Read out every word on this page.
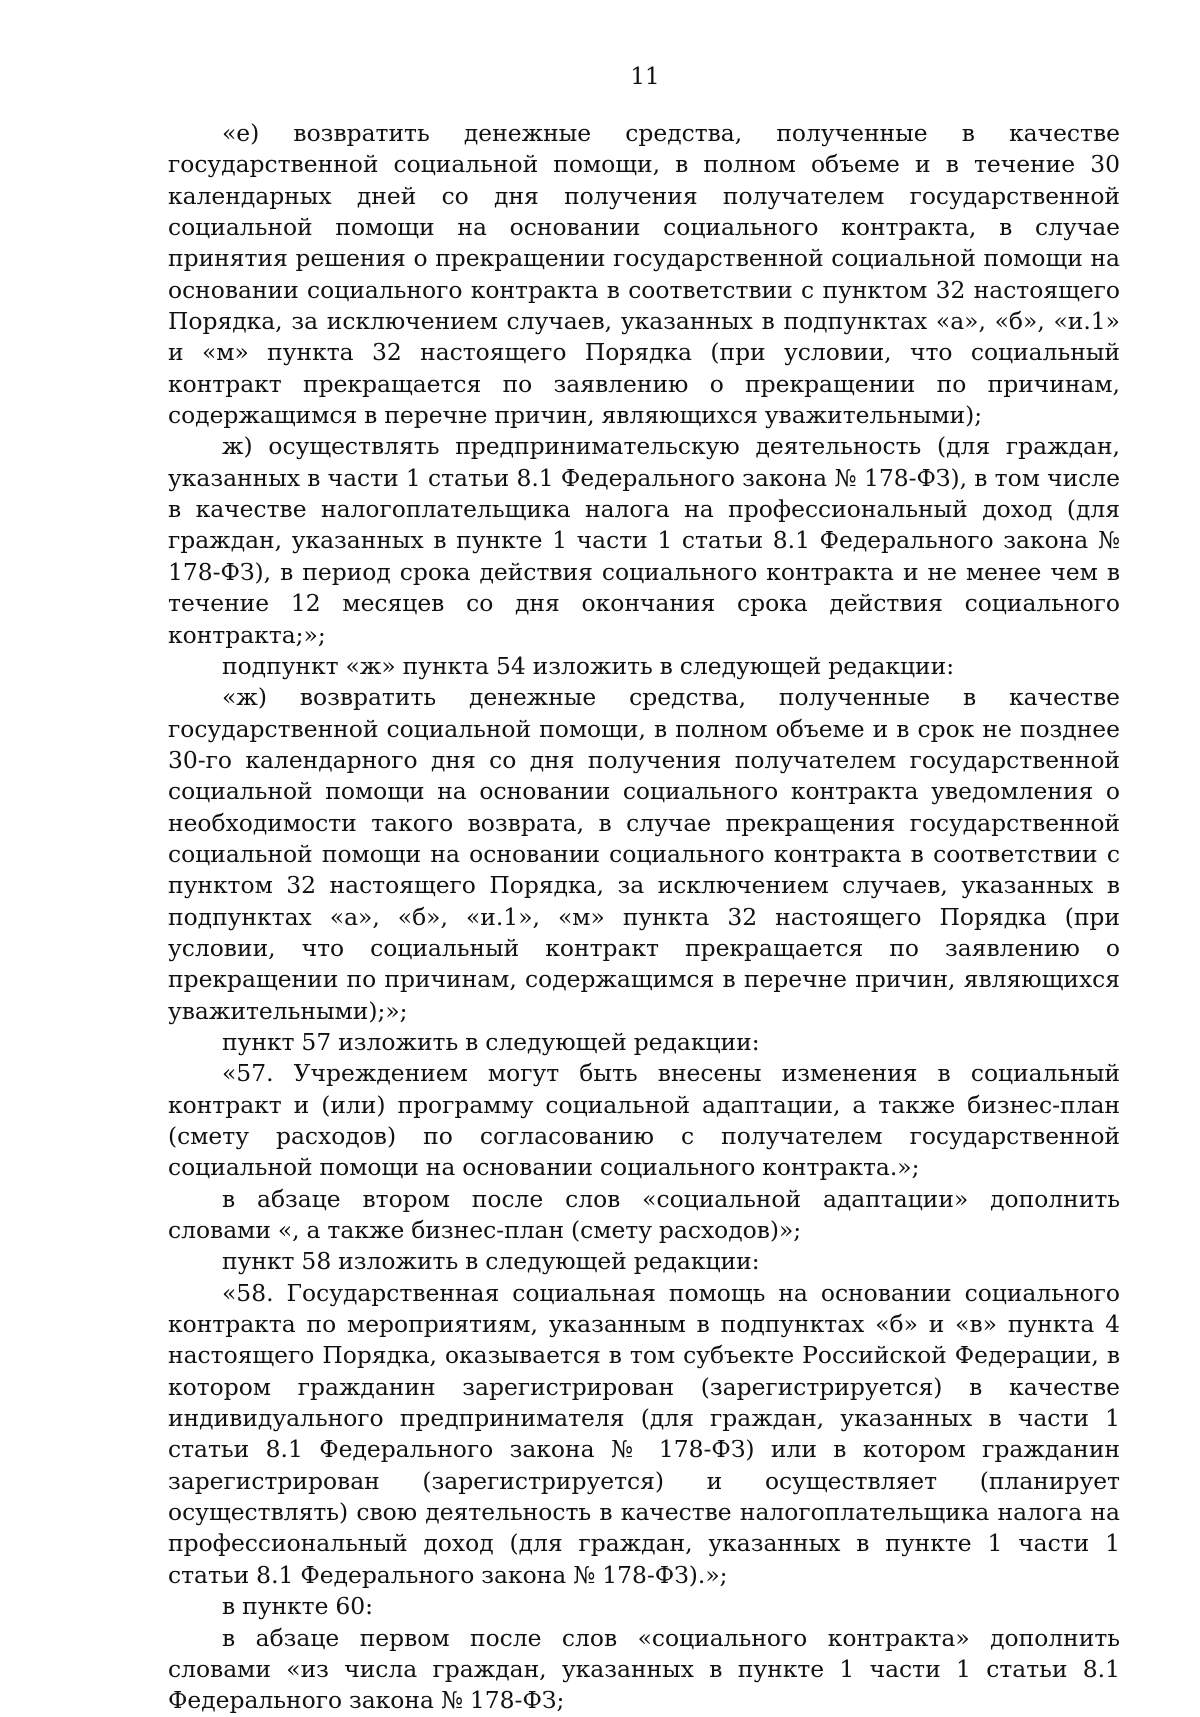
11

«е) возвратить денежные средства, полученные в качестве государственной социальной помощи, в полном объеме и в течение 30 календарных дней со дня получения получателем государственной социальной помощи на основании социального контракта, в случае принятия решения о прекращении государственной социальной помощи на основании социального контракта в соответствии с пунктом 32 настоящего Порядка, за исключением случаев, указанных в подпунктах «а», «б», «и.1» и «м» пункта 32 настоящего Порядка (при условии, что социальный контракт прекращается по заявлению о прекращении по причинам, содержащимся в перечне причин, являющихся уважительными);

ж) осуществлять предпринимательскую деятельность (для граждан, указанных в части 1 статьи 8.1 Федерального закона № 178-ФЗ), в том числе в качестве налогоплательщика налога на профессиональный доход (для граждан, указанных в пункте 1 части 1 статьи 8.1 Федерального закона № 178-ФЗ), в период срока действия социального контракта и не менее чем в течение 12 месяцев со дня окончания срока действия социального контракта;»;

подпункт «ж» пункта 54 изложить в следующей редакции:

«ж) возвратить денежные средства, полученные в качестве государственной социальной помощи, в полном объеме и в срок не позднее 30-го календарного дня со дня получения получателем государственной социальной помощи на основании социального контракта уведомления о необходимости такого возврата, в случае прекращения государственной социальной помощи на основании социального контракта в соответствии с пунктом 32 настоящего Порядка, за исключением случаев, указанных в подпунктах «а», «б», «и.1», «м» пункта 32 настоящего Порядка (при условии, что социальный контракт прекращается по заявлению о прекращении по причинам, содержащимся в перечне причин, являющихся уважительными);»;

пункт 57 изложить в следующей редакции:

«57. Учреждением могут быть внесены изменения в социальный контракт и (или) программу социальной адаптации, а также бизнес-план (смету расходов) по согласованию с получателем государственной социальной помощи на основании социального контракта.»;

в абзаце втором после слов «социальной адаптации» дополнить словами «, а также бизнес-план (смету расходов)»;

пункт 58 изложить в следующей редакции:

«58. Государственная социальная помощь на основании социального контракта по мероприятиям, указанным в подпунктах «б» и «в» пункта 4 настоящего Порядка, оказывается в том субъекте Российской Федерации, в котором гражданин зарегистрирован (зарегистрируется) в качестве индивидуального предпринимателя (для граждан, указанных в части 1 статьи 8.1 Федерального закона № 178-ФЗ) или в котором гражданин зарегистрирован (зарегистрируется) и осуществляет (планирует осуществлять) свою деятельность в качестве налогоплательщика налога на профессиональный доход (для граждан, указанных в пункте 1 части 1 статьи 8.1 Федерального закона № 178-ФЗ).»;

в пункте 60:

в абзаце первом после слов «социального контракта» дополнить словами «из числа граждан, указанных в пункте 1 части 1 статьи 8.1 Федерального закона № 178-ФЗ;
